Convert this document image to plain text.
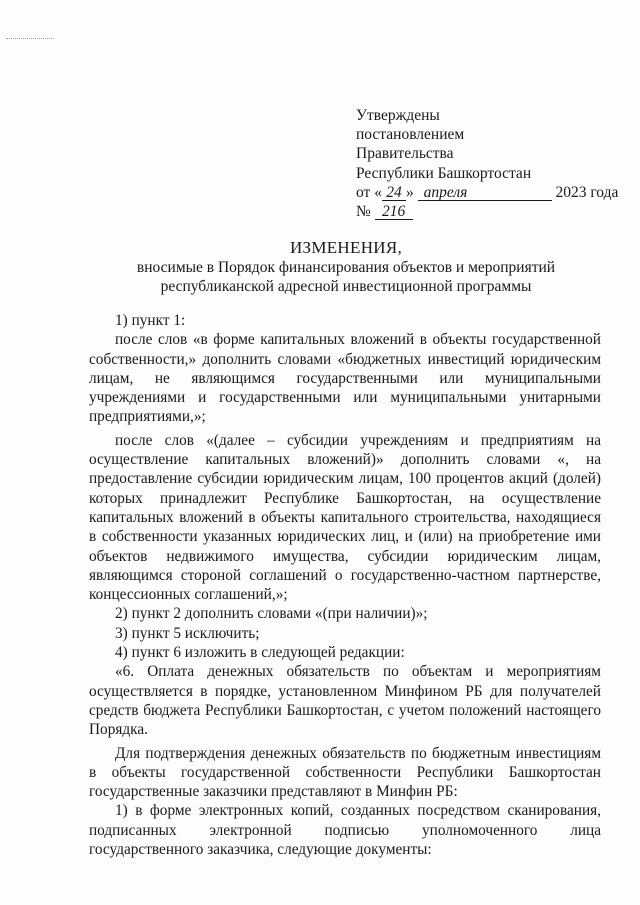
Утверждены
постановлением
Правительства
Республики Башкортостан
от « 24 » апреля	2023 года
№ 216
ИЗМЕНЕНИЯ,
вносимые в Порядок финансирования объектов и мероприятий республиканской адресной инвестиционной программы

1) пункт 1:

после слов «в форме капитальных вложений в объекты государственной собственности,» дополнить словами «бюджетных инвестиций юридическим лицам, не являющимся государственными или муниципальными учреждениями и государственными или муниципальными унитарными предприятиями,»;

после слов «(далее – субсидии учреждениям и предприятиям на осуществление капитальных вложений)» дополнить словами «, на предоставление субсидии юридическим лицам, 100 процентов акций (долей) которых принадлежит Республике Башкортостан, на осуществление капитальных вложений в объекты капитального строительства, находящиеся в собственности указанных юридических лиц, и (или) на приобретение ими объектов недвижимого имущества, субсидии юридическим лицам, являющимся стороной соглашений о государственно-частном партнерстве, концессионных соглашений,»;

2) пункт 2 дополнить словами «(при наличии)»;

3) пункт 5 исключить;

4) пункт 6 изложить в следующей редакции:

«6. Оплата денежных обязательств по объектам и мероприятиям осуществляется в порядке, установленном Минфином РБ для получателей средств бюджета Республики Башкортостан, с учетом положений настоящего Порядка.

Для подтверждения денежных обязательств по бюджетным инвестициям в объекты государственной собственности Республики Башкортостан государственные заказчики представляют в Минфин РБ:

1) в форме электронных копий, созданных посредством сканирования, подписанных электронной подписью уполномоченного лица государственного заказчика, следующие документы:
